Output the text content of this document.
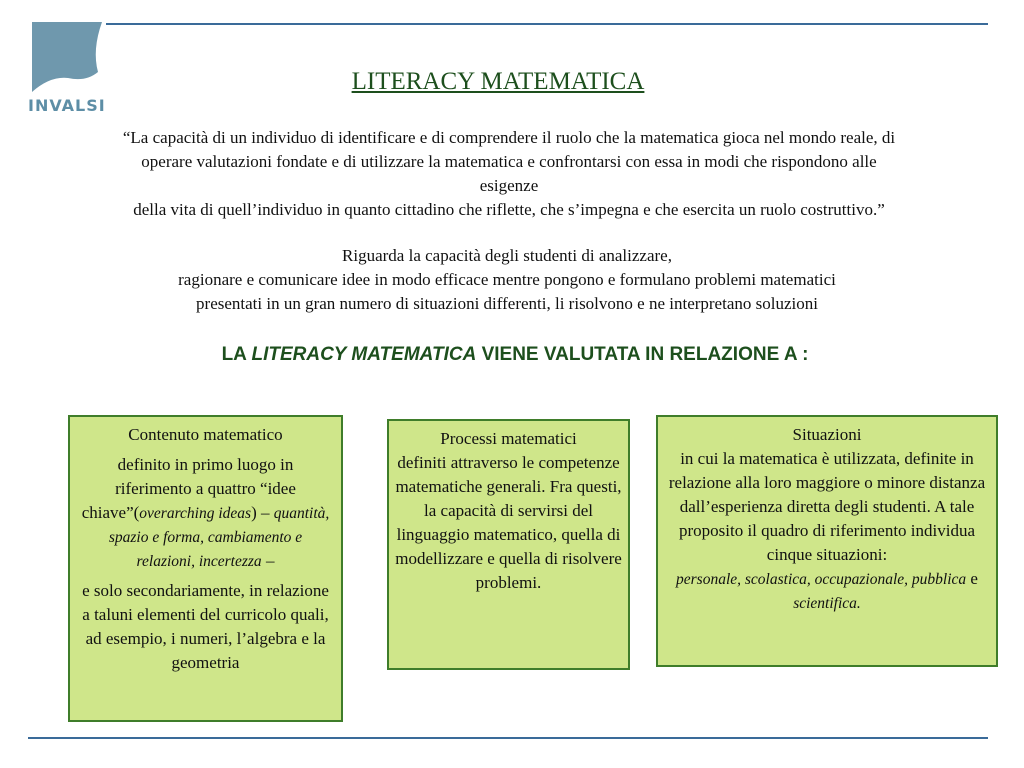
INVALSI
LITERACY MATEMATICA
“La capacità di un individuo di identificare e di comprendere il ruolo che la matematica gioca nel mondo reale, di
operare valutazioni fondate e di utilizzare la matematica e confrontarsi con essa in modi che rispondono alle
esigenze
della vita di quell’individuo in quanto cittadino che riflette, che s’impegna e che esercita un ruolo costruttivo.”
Riguarda la capacità degli studenti di analizzare,
ragionare e comunicare idee in modo efficace mentre pongono e formulano problemi matematici
presentati in un gran numero di situazioni differenti, li risolvono e ne interpretano soluzioni
LA LITERACY MATEMATICA VIENE VALUTATA IN RELAZIONE A :
Contenuto matematico
definito in primo luogo in riferimento a quattro “idee chiave”(overarching ideas) – quantità, spazio e forma, cambiamento e relazioni, incertezza –
e solo secondariamente, in relazione a taluni elementi del curricolo quali, ad esempio, i numeri, l’algebra e la geometria
Processi matematici
definiti attraverso le competenze matematiche generali. Fra questi, la capacità di servirsi del linguaggio matematico, quella di modellizzare e quella di risolvere problemi.
Situazioni
in cui la matematica è utilizzata, definite in relazione alla loro maggiore o minore distanza dall’esperienza diretta degli studenti. A tale proposito il quadro di riferimento individua cinque situazioni:
personale, scolastica, occupazionale, pubblica e scientifica.
